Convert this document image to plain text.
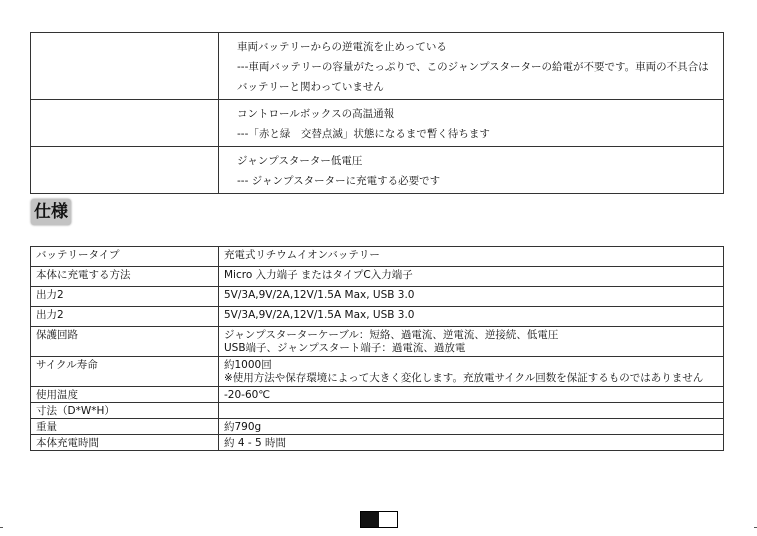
	車両バッテリーからの逆電流を止めっている
---車両バッテリーの容量がたっぷりで、このジャンプスターターの給電が不要です。車両の不具合は
バッテリーと関わっていません

	コントロールボックスの高温通報
---「赤と緑　交替点滅」状態になるまで暫く待ちます

	ジャンプスターター低電圧
--- ジャンプスターターに充電する必要です
仕様
バッテリータイプ	充電式リチウムイオンバッテリー

本体に充電する方法	Micro 入力端子 またはタイプC入力端子

出力2	5V/3A,9V/2A,12V/1.5A Max, USB 3.0

出力2	5V/3A,9V/2A,12V/1.5A Max, USB 3.0

保護回路	ジャンプスターターケーブル：短絡、過電流、逆電流、逆接続、低電圧
USB端子、ジャンプスタート端子：過電流、過放電

サイクル寿命	約1000回
※使用方法や保存環境によって大きく変化します。充放電サイクル回数を保証するものではありません

使用温度	-20-60℃

寸法（D*W*H）	

重量	約790g

本体充電時間	約 4 - 5 時間
